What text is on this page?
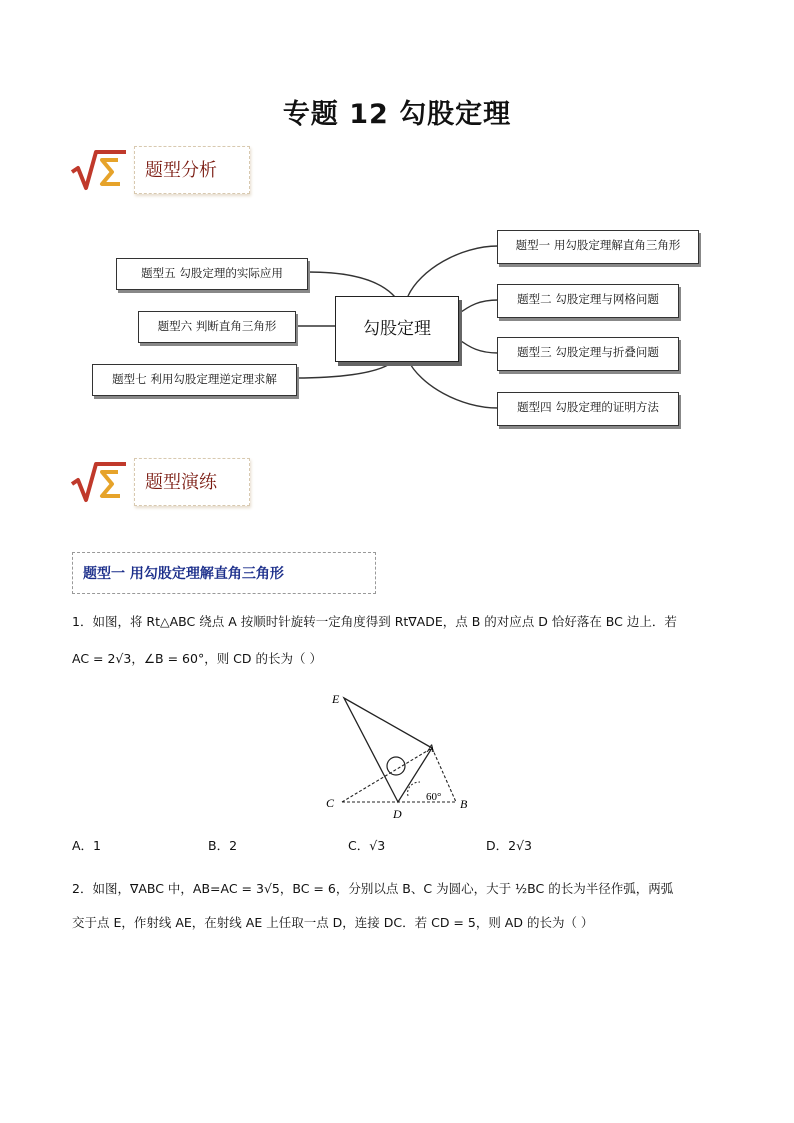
专题 12 勾股定理
题型分析
题型五 勾股定理的实际应用
题型六 判断直角三角形
题型七 利用勾股定理逆定理求解
勾股定理
题型一 用勾股定理解直角三角形
题型二 勾股定理与网格问题
题型三 勾股定理与折叠问题
题型四 勾股定理的证明方法
题型演练
题型一 用勾股定理解直角三角形
1．如图，将 Rt△ABC 绕点 A 按顺时针旋转一定角度得到 Rt∇ADE，点 B 的对应点 D 恰好落在 BC 边上．若
AC = 2√3，∠B = 60°，则 CD 的长为（ ）
E
A
C
D
B
60°
A．1	B．2	C．√3	D．2√3
2．如图，∇ABC 中，AB=AC = 3√5，BC = 6，分别以点 B、C 为圆心，大于 ½BC 的长为半径作弧，两弧
交于点 E，作射线 AE，在射线 AE 上任取一点 D，连接 DC．若 CD = 5，则 AD 的长为（ ）
